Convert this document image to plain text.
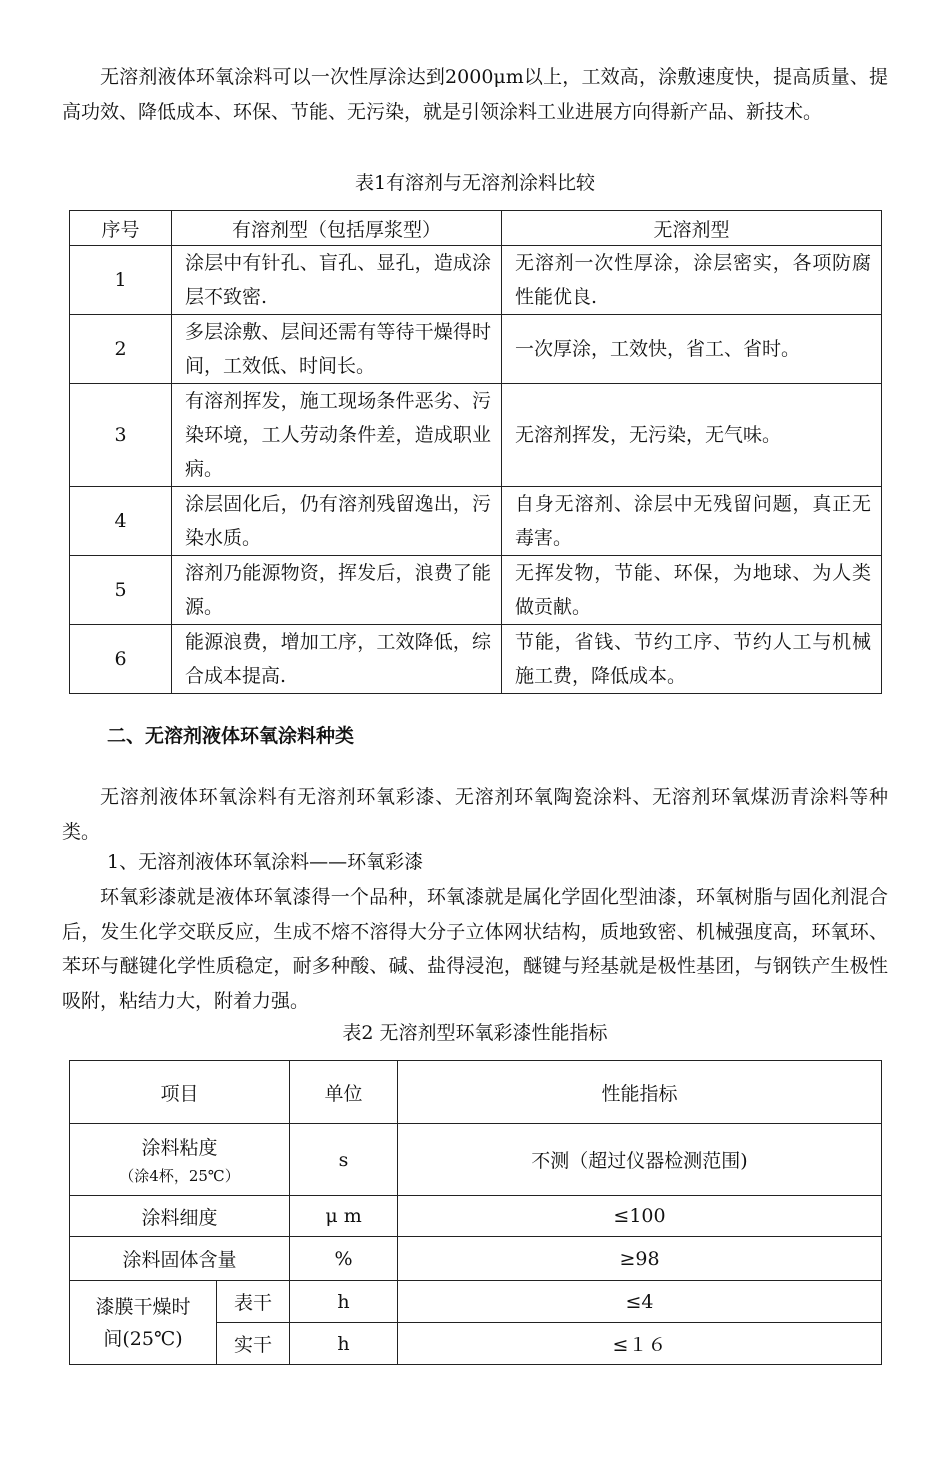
无溶剂液体环氧涂料可以一次性厚涂达到2000μm以上，工效高，涂敷速度快，提高质量、提高功效、降低成本、环保、节能、无污染，就是引领涂料工业进展方向得新产品、新技术。

表1有溶剂与无溶剂涂料比较

序号	有溶剂型（包括厚浆型）	无溶剂型
1	涂层中有针孔、盲孔、显孔，造成涂层不致密.	无溶剂一次性厚涂，涂层密实，各项防腐性能优良.
2	多层涂敷、层间还需有等待干燥得时间，工效低、时间长。	一次厚涂，工效快，省工、省时。
3	有溶剂挥发，施工现场条件恶劣、污染环境，工人劳动条件差，造成职业病。	无溶剂挥发，无污染，无气味。
4	涂层固化后，仍有溶剂残留逸出，污染水质。	自身无溶剂、涂层中无残留问题，真正无毒害。
5	溶剂乃能源物资，挥发后，浪费了能源。	无挥发物，节能、环保，为地球、为人类做贡献。
6	能源浪费，增加工序，工效降低，综合成本提高.	节能，省钱、节约工序、节约人工与机械施工费，降低成本。

二、无溶剂液体环氧涂料种类

无溶剂液体环氧涂料有无溶剂环氧彩漆、无溶剂环氧陶瓷涂料、无溶剂环氧煤沥青涂料等种类。

1、无溶剂液体环氧涂料——环氧彩漆

环氧彩漆就是液体环氧漆得一个品种，环氧漆就是属化学固化型油漆，环氧树脂与固化剂混合后，发生化学交联反应，生成不熔不溶得大分子立体网状结构，质地致密、机械强度高，环氧环、苯环与醚键化学性质稳定，耐多种酸、碱、盐得浸泡，醚键与羟基就是极性基团，与钢铁产生极性吸附，粘结力大，附着力强。

表2 无溶剂型环氧彩漆性能指标

项目		单位	性能指标

涂料粘度
（涂4杯，25℃）		s	不测（超过仪器检测范围)
涂料细度		μ m	≤100
涂料固体含量		%	≥98

漆膜干燥时
间(25℃)	表干	h	≤4
	实干	h	≤１６
